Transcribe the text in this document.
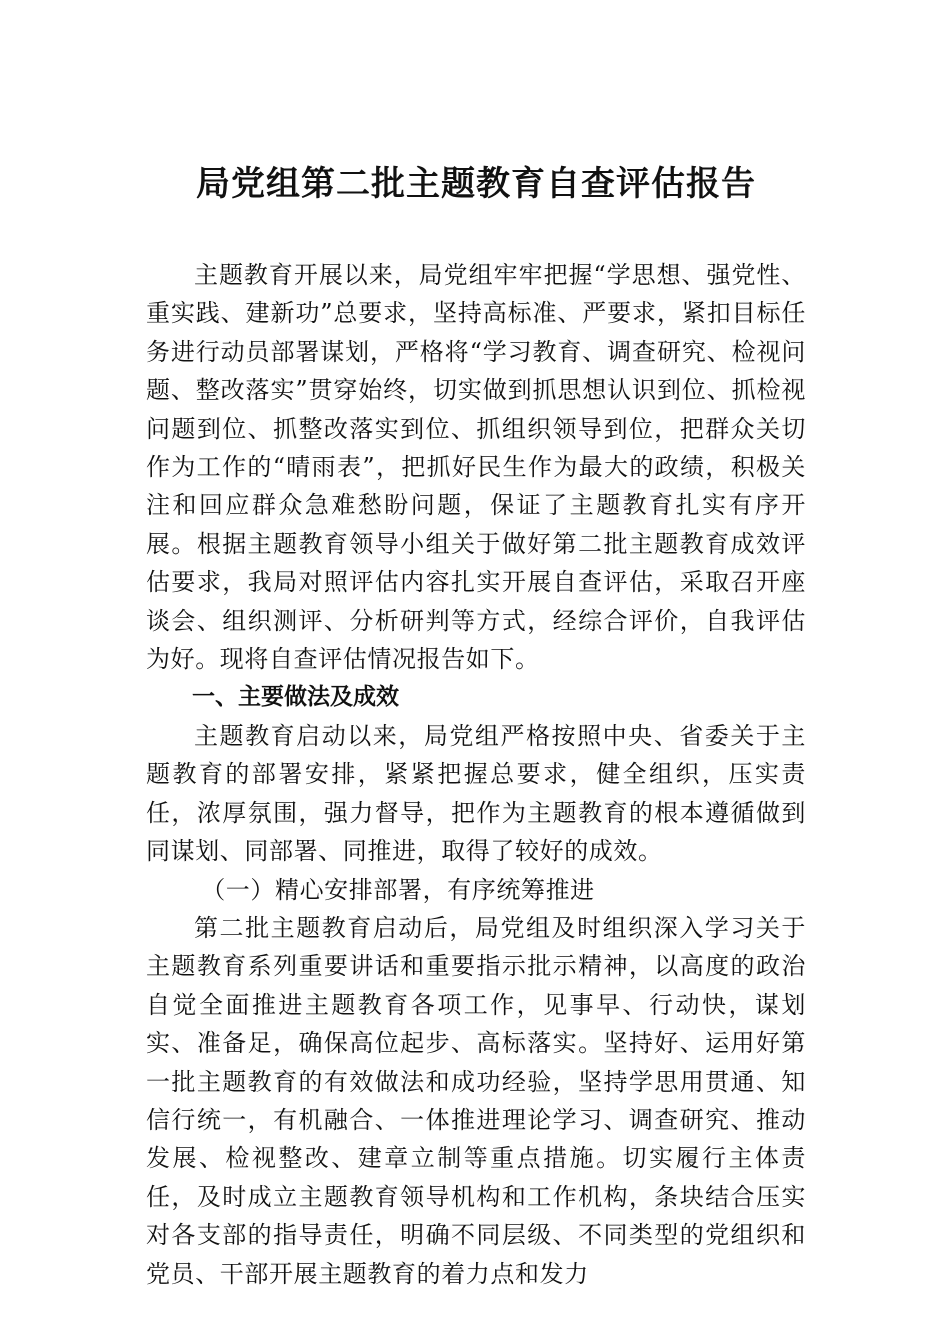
局党组第二批主题教育自查评估报告

主题教育开展以来，局党组牢牢把握“学思想、强党性、重实践、建新功”总要求，坚持高标准、严要求，紧扣目标任务进行动员部署谋划，严格将“学习教育、调查研究、检视问题、整改落实”贯穿始终，切实做到抓思想认识到位、抓检视问题到位、抓整改落实到位、抓组织领导到位，把群众关切作为工作的“晴雨表”，把抓好民生作为最大的政绩，积极关注和回应群众急难愁盼问题，保证了主题教育扎实有序开展。根据主题教育领导小组关于做好第二批主题教育成效评估要求，我局对照评估内容扎实开展自查评估，采取召开座谈会、组织测评、分析研判等方式，经综合评价，自我评估为好。现将自查评估情况报告如下。

一、主要做法及成效

主题教育启动以来，局党组严格按照中央、省委关于主题教育的部署安排，紧紧把握总要求，健全组织，压实责任，浓厚氛围，强力督导，把作为主题教育的根本遵循做到同谋划、同部署、同推进，取得了较好的成效。

（一）精心安排部署，有序统筹推进

第二批主题教育启动后，局党组及时组织深入学习关于主题教育系列重要讲话和重要指示批示精神，以高度的政治自觉全面推进主题教育各项工作，见事早、行动快，谋划实、准备足，确保高位起步、高标落实。坚持好、运用好第一批主题教育的有效做法和成功经验，坚持学思用贯通、知信行统一，有机融合、一体推进理论学习、调查研究、推动发展、检视整改、建章立制等重点措施。切实履行主体责任，及时成立主题教育领导机构和工作机构，条块结合压实对各支部的指导责任，明确不同层级、不同类型的党组织和党员、干部开展主题教育的着力点和发力
